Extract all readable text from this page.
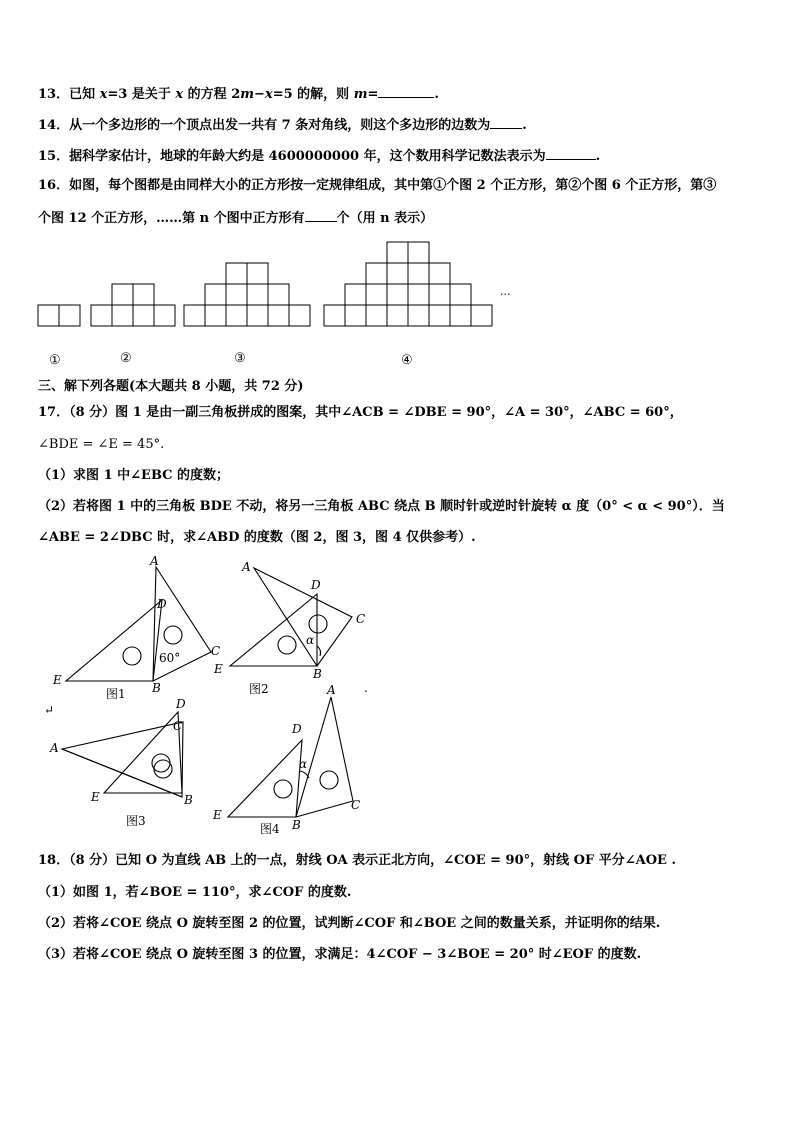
13．已知 x=3 是关于 x 的方程 2m−x=5 的解，则 m=	.
14．从一个多边形的一个顶点出发一共有 7 条对角线，则这个多边形的边数为 .
15．据科学家估计，地球的年龄大约是 4600000000 年，这个数用科学记数法表示为	.
16．如图，每个图都是由同样大小的正方形按一定规律组成，其中第①个图 2 个正方形，第②个图 6 个正方形，第③
个图 12 个正方形，……第 n 个图中正方形有 个（用 n 表示）
···
①	②	③	④
三、解下列各题(本大题共 8 小题，共 72 分)
17．（8 分）图 1 是由一副三角板拼成的图案，其中∠ACB = ∠DBE = 90°，∠A = 30°，∠ABC = 60°，
∠BDE = ∠E = 45°.
（1）求图 1 中∠EBC 的度数；
（2）若将图 1 中的三角板 BDE 不动，将另一三角板 ABC 绕点 B 顺时针或逆时针旋转 α 度（0° < α < 90°）．当
∠ABE = 2∠DBC 时，求∠ABD 的度数（图 2，图 3，图 4 仅供参考）.
A
D
C
E
B
60°
图1
A
D
C
α
E	B
图2	.
↵	D
C
A
E	B
图3
A
D
α
C
E
B
图4
18．（8 分）已知 O 为直线 AB 上的一点，射线 OA 表示正北方向，∠COE = 90°，射线 OF 平分∠AOE .
（1）如图 1，若∠BOE = 110°，求∠COF 的度数.
（2）若将∠COE 绕点 O 旋转至图 2 的位置，试判断∠COF 和∠BOE 之间的数量关系，并证明你的结果.
（3）若将∠COE 绕点 O 旋转至图 3 的位置，求满足：4∠COF − 3∠BOE = 20° 时∠EOF 的度数.
